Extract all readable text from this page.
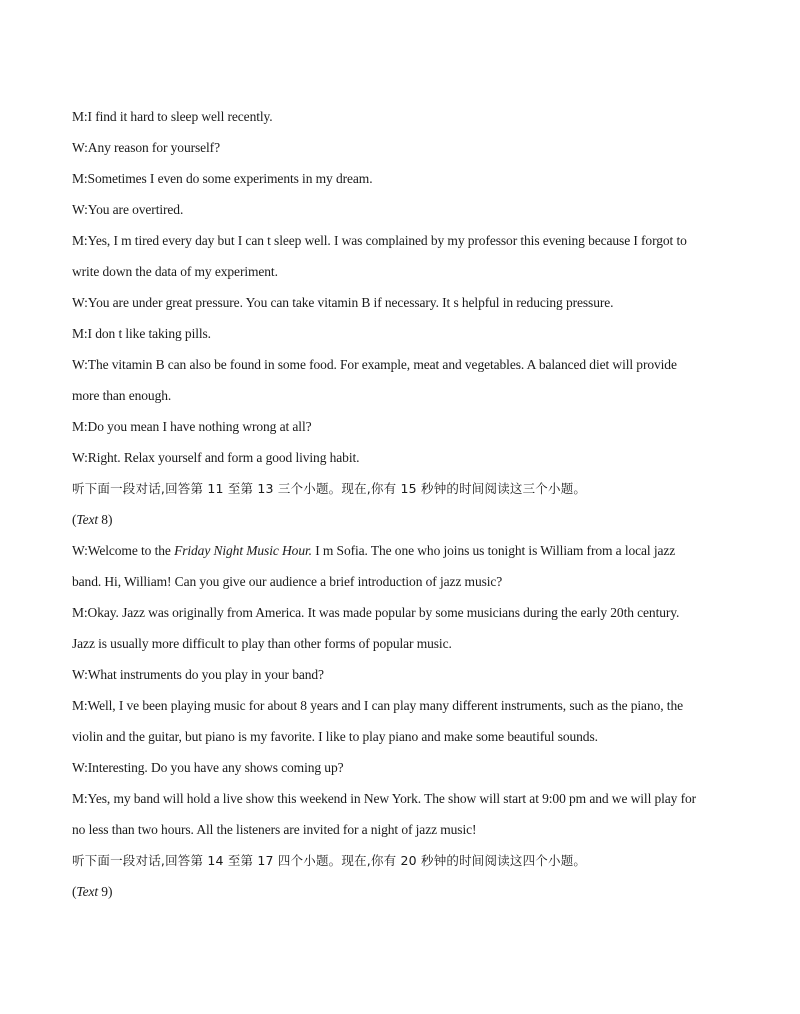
M:I find it hard to sleep well recently.
W:Any reason for yourself?
M:Sometimes I even do some experiments in my dream.
W:You are overtired.
M:Yes, I m tired every day but I can t sleep well. I was complained by my professor this evening because I forgot to
write down the data of my experiment.
W:You are under great pressure. You can take vitamin B if necessary. It s helpful in reducing pressure.
M:I don t like taking pills.
W:The vitamin B can also be found in some food. For example, meat and vegetables. A balanced diet will provide
more than enough.
M:Do you mean I have nothing wrong at all?
W:Right. Relax yourself and form a good living habit.
听下面一段对话,回答第 11 至第 13 三个小题。现在,你有 15 秒钟的时间阅读这三个小题。
(Text 8)
W:Welcome to the Friday Night Music Hour. I m Sofia. The one who joins us tonight is William from a local jazz
band. Hi, William! Can you give our audience a brief introduction of jazz music?
M:Okay. Jazz was originally from America. It was made popular by some musicians during the early 20th century.
Jazz is usually more difficult to play than other forms of popular music.
W:What instruments do you play in your band?
M:Well, I ve been playing music for about 8 years and I can play many different instruments, such as the piano, the
violin and the guitar, but piano is my favorite. I like to play piano and make some beautiful sounds.
W:Interesting. Do you have any shows coming up?
M:Yes, my band will hold a live show this weekend in New York. The show will start at 9:00 pm and we will play for
no less than two hours. All the listeners are invited for a night of jazz music!
听下面一段对话,回答第 14 至第 17 四个小题。现在,你有 20 秒钟的时间阅读这四个小题。
(Text 9)
